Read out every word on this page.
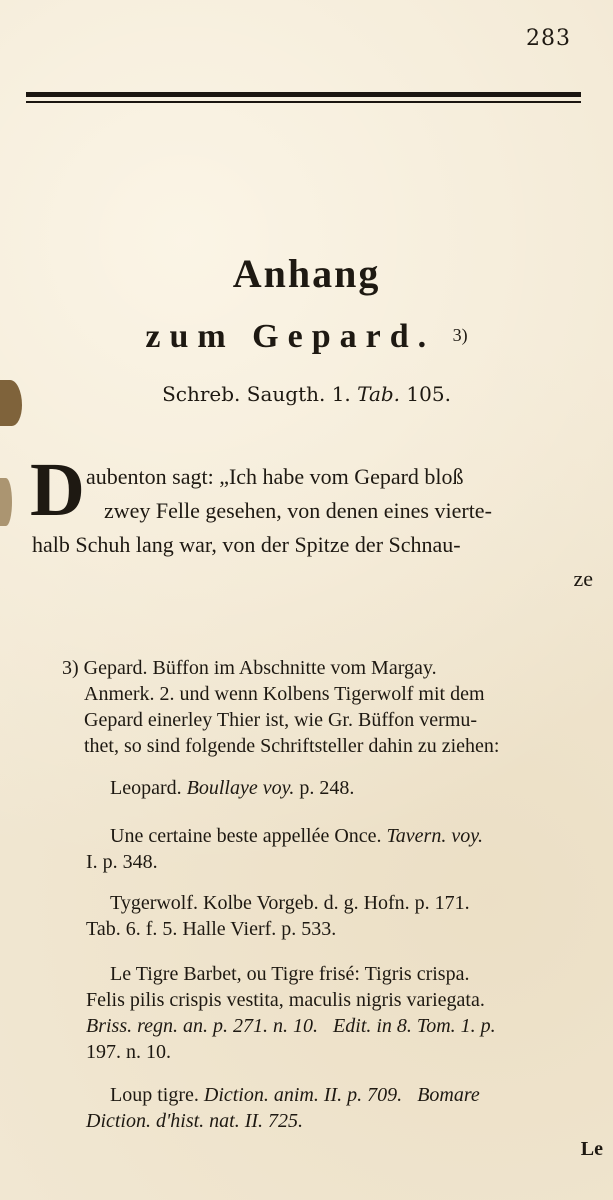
283
Anhang
zum Gepard. 3)
Schreb. Saugth. 1. Tab. 105.
D aubenton sagt: „Ich habe vom Gepard bloß
zwey Felle gesehen, von denen eines vierte-
halb Schuh lang war, von der Spitze der Schnau-
ze
3) Gepard. Büffon im Abschnitte vom Margay.
Anmerk. 2. und wenn Kolbens Tigerwolf mit dem
Gepard einerley Thier ist, wie Gr. Büffon vermu-
thet, so sind folgende Schriftsteller dahin zu ziehen:
Leopard. Boullaye voy. p. 248.
Une certaine beste appellée Once. Tavern. voy.
I. p. 348.
Tygerwolf. Kolbe Vorgeb. d. g. Hofn. p. 171.
Tab. 6. f. 5. Halle Vierf. p. 533.
Le Tigre Barbet, ou Tigre frisé: Tigris crispa.
Felis pilis crispis vestita, maculis nigris variegata.
Briss. regn. an. p. 271. n. 10. Edit. in 8. Tom. 1. p.
197. n. 10.
Loup tigre. Diction. anim. II. p. 709. Bomare
Diction. d'hist. nat. II. 725.
Le
